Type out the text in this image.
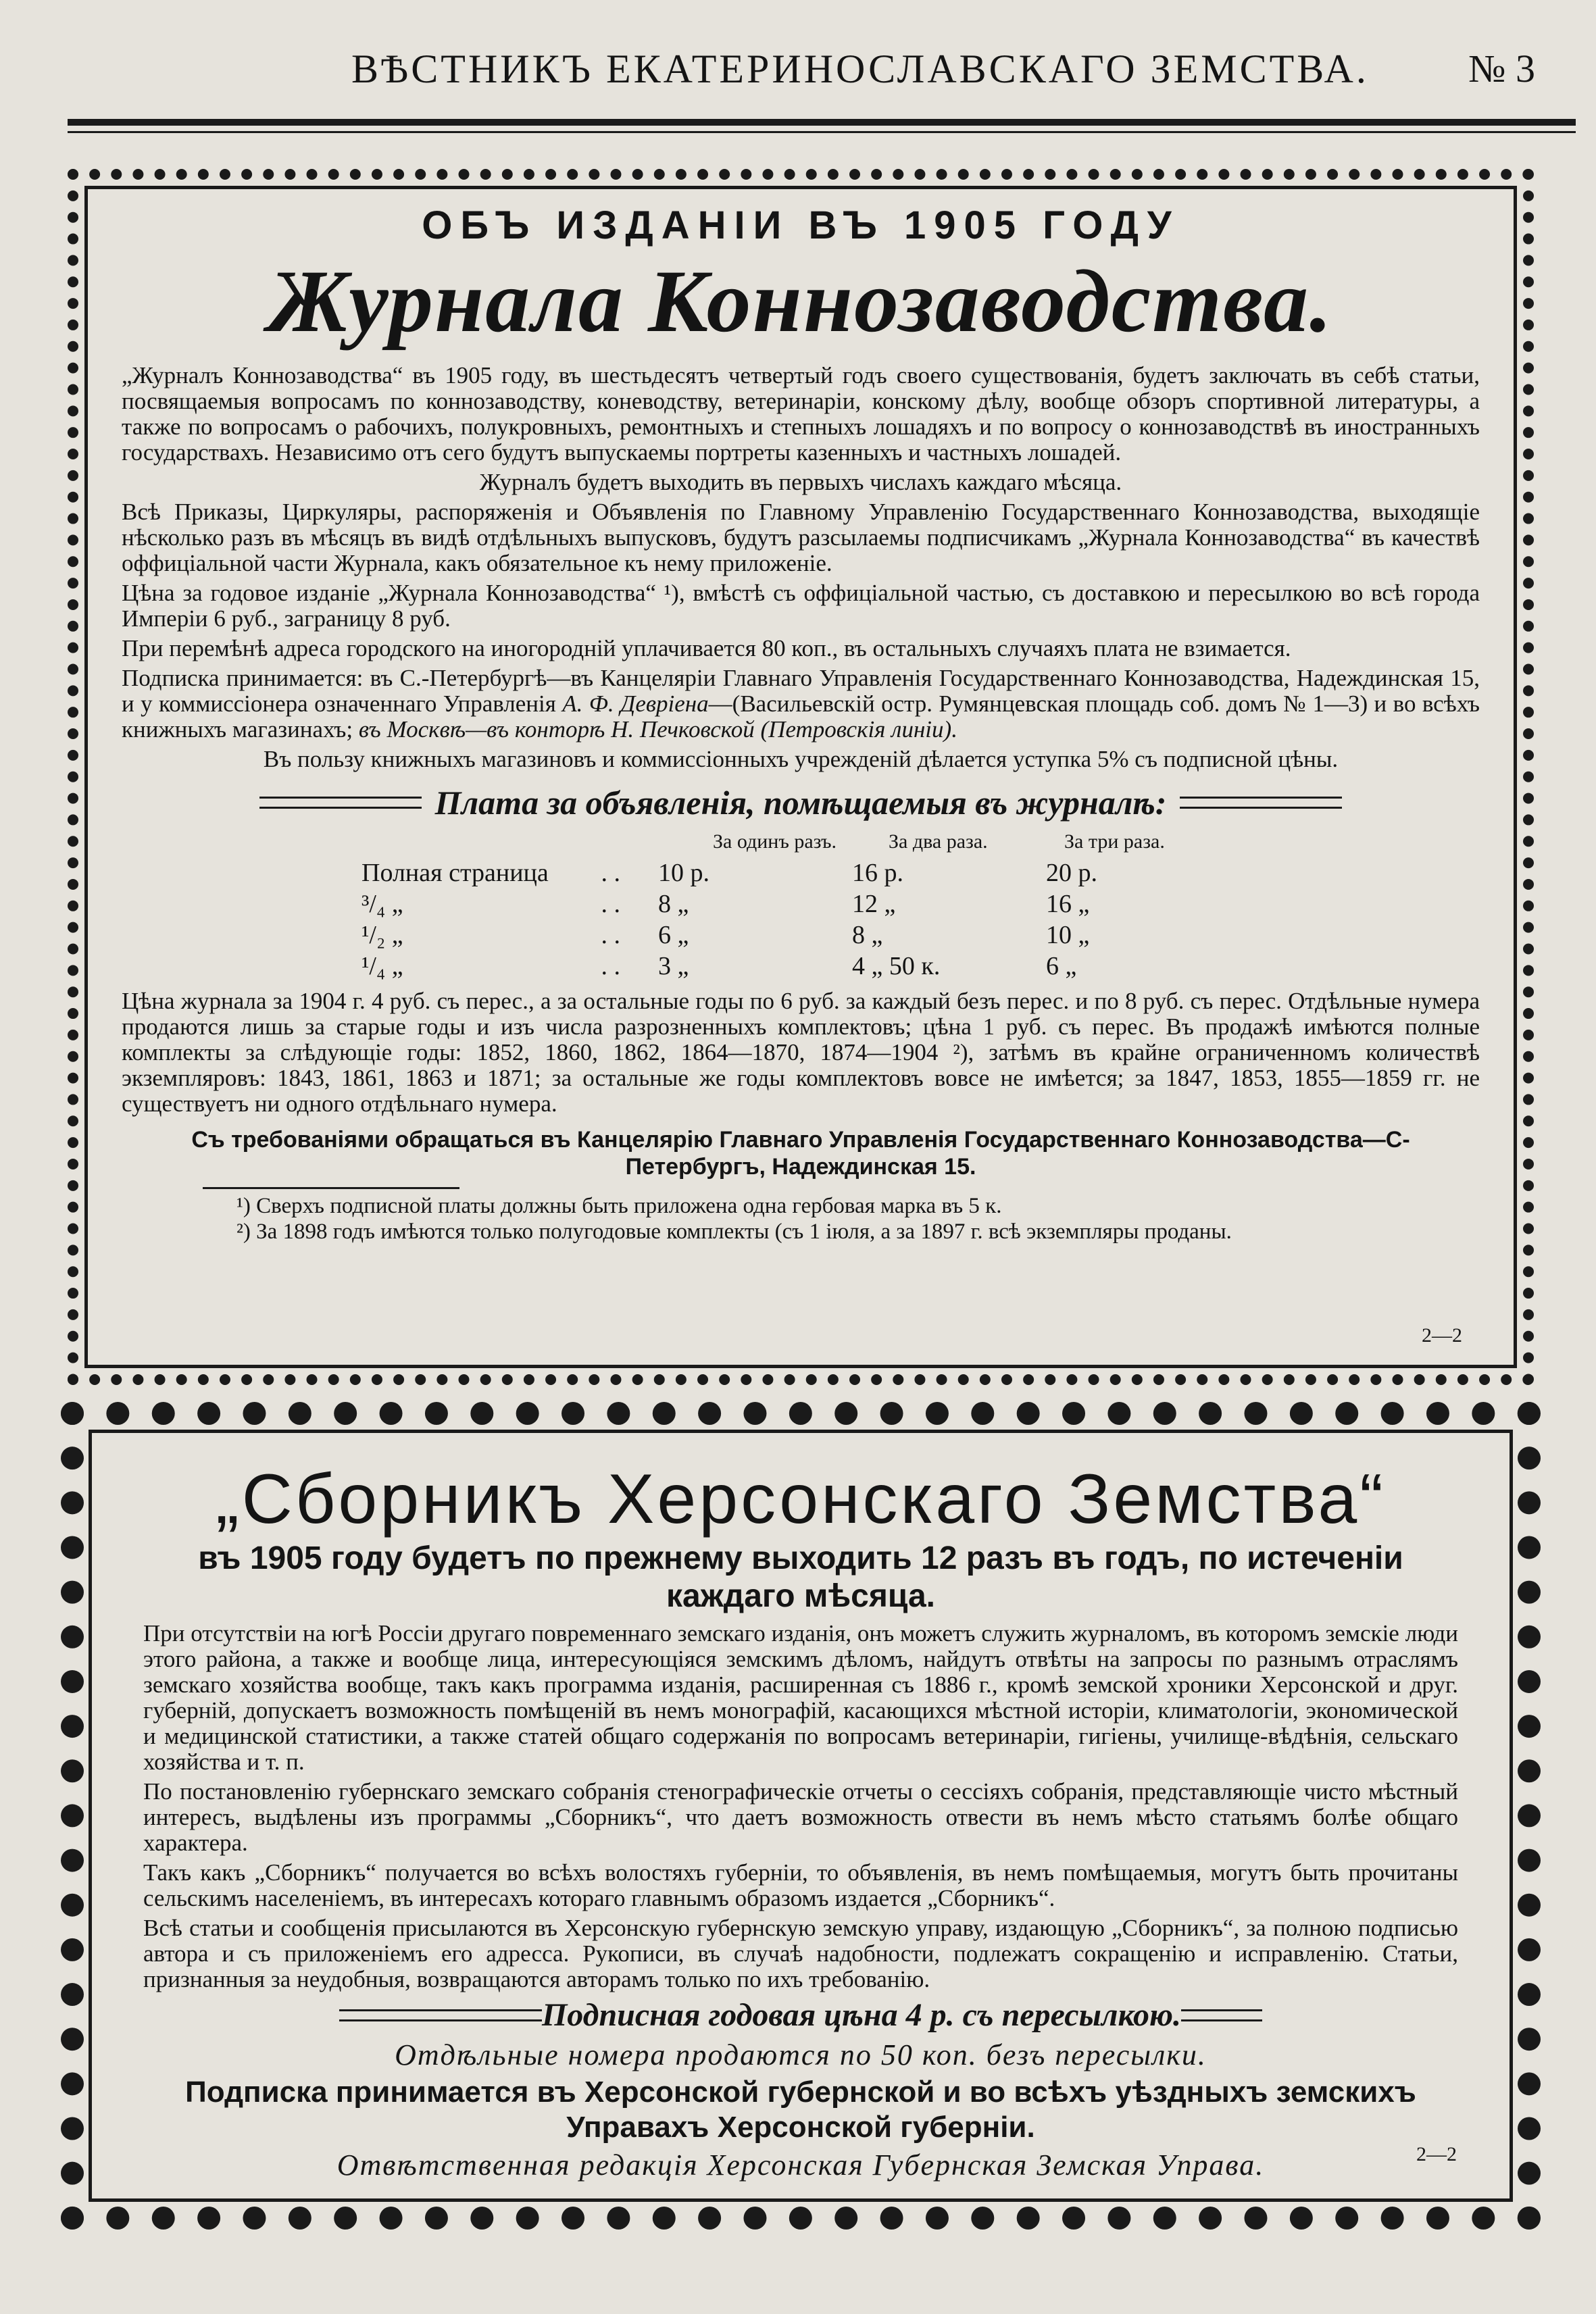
ВѢСТНИКЪ ЕКАТЕРИНОСЛАВСКАГО ЗЕМСТВА.	№ 3
ОБЪ ИЗДАНІИ ВЪ 1905 ГОДУ
Журнала Коннозаводства.

„Журналъ Коннозаводства“ въ 1905 году, въ шестьдесятъ четвертый годъ своего существованія, будетъ заключать въ себѣ статьи, посвящаемыя вопросамъ по коннозаводству, коневодству, ветеринаріи, конскому дѣлу, вообще обзоръ спортивной литературы, а также по вопросамъ о рабочихъ, полукровныхъ, ремонтныхъ и степныхъ лошадяхъ и по вопросу о коннозаводствѣ въ иностранныхъ государствахъ. Независимо отъ сего будутъ выпускаемы портреты казенныхъ и частныхъ лошадей.

Журналъ будетъ выходить въ первыхъ числахъ каждаго мѣсяца.

Всѣ Приказы, Циркуляры, распоряженія и Объявленія по Главному Управленію Государственнаго Коннозаводства, выходящіе нѣсколько разъ въ мѣсяцъ въ видѣ отдѣльныхъ выпусковъ, будутъ разсылаемы подписчикамъ „Журнала Коннозаводства“ въ качествѣ оффиціальной части Журнала, какъ обязательное къ нему приложеніе.

Цѣна за годовое изданіе „Журнала Коннозаводства“ ¹), вмѣстѣ съ оффиціальной частью, съ доставкою и пересылкою во всѣ города Имперіи 6 руб., заграницу 8 руб.

При перемѣнѣ адреса городского на иногородній уплачивается 80 коп., въ остальныхъ случаяхъ плата не взимается.

Подписка принимается: въ С.-Петербургѣ—въ Канцеляріи Главнаго Управленія Государственнаго Коннозаводства, Надеждинская 15, и у коммиссіонера означеннаго Управленія А. Ф. Девріена—(Васильевскій остр. Румянцевская площадь соб. домъ № 1—3) и во всѣхъ книжныхъ магазинахъ; въ Москвѣ—въ конторѣ Н. Печковской (Петровскія линіи).

Въ пользу книжныхъ магазиновъ и коммиссіонныхъ учрежденій дѣлается уступка 5% съ подписной цѣны.

Плата за объявленія, помѣщаемыя въ журналѣ:
За одинъ разъ.	За два раза.	За три раза.
Полная страница	. .	10 р.	16 р.	20 р.
³/₄ „	. .	8 „	12 „	16 „
¹/₂ „	. .	6 „	8 „	10 „
¹/₄ „	. .	3 „	4 „ 50 к.	6 „

Цѣна журнала за 1904 г. 4 руб. съ перес., а за остальные годы по 6 руб. за каждый безъ перес. и по 8 руб. съ перес. Отдѣльные нумера продаются лишь за старые годы и изъ числа разрозненныхъ комплектовъ; цѣна 1 руб. съ перес. Въ продажѣ имѣются полные комплекты за слѣдующіе годы: 1852, 1860, 1862, 1864—1870, 1874—1904 ²), затѣмъ въ крайне ограниченномъ количествѣ экземпляровъ: 1843, 1861, 1863 и 1871; за остальные же годы комплектовъ вовсе не имѣется; за 1847, 1853, 1855—1859 гг. не существуетъ ни одного отдѣльнаго нумера.

Съ требованіями обращаться въ Канцелярію Главнаго Управленія Государственнаго Коннозаводства—С-Петербургъ, Надеждинская 15.
¹) Сверхъ подписной платы должны быть приложена одна гербовая марка въ 5 к.
²) За 1898 годъ имѣются только полугодовые комплекты (съ 1 іюля, а за 1897 г. всѣ экземпляры проданы.
2—2
„Сборникъ Херсонскаго Земства“
въ 1905 году будетъ по прежнему выходить 12 разъ въ годъ, по истеченіи каждаго мѣсяца.

При отсутствіи на югѣ Россіи другаго повременнаго земскаго изданія, онъ можетъ служить журналомъ, въ которомъ земскіе люди этого района, а также и вообще лица, интересующіяся земскимъ дѣломъ, найдутъ отвѣты на запросы по разнымъ отраслямъ земскаго хозяйства вообще, такъ какъ программа изданія, расширенная съ 1886 г., кромѣ земской хроники Херсонской и друг. губерній, допускаетъ возможность помѣщеній въ немъ монографій, касающихся мѣстной исторіи, климатологіи, экономической и медицинской статистики, а также статей общаго содержанія по вопросамъ ветеринаріи, гигіены, училище-вѣдѣнія, сельскаго хозяйства и т. п.

По постановленію губернскаго земскаго собранія стенографическіе отчеты о сессіяхъ собранія, представляющіе чисто мѣстный интересъ, выдѣлены изъ программы „Сборникъ“, что даетъ возможность отвести въ немъ мѣсто статьямъ болѣе общаго характера.

Такъ какъ „Сборникъ“ получается во всѣхъ волостяхъ губерніи, то объявленія, въ немъ помѣщаемыя, могутъ быть прочитаны сельскимъ населеніемъ, въ интересахъ котораго главнымъ образомъ издается „Сборникъ“.

Всѣ статьи и сообщенія присылаются въ Херсонскую губернскую земскую управу, издающую „Сборникъ“, за полною подписью автора и съ приложеніемъ его адресса. Рукописи, въ случаѣ надобности, подлежатъ сокращенію и исправленію. Статьи, признанныя за неудобныя, возвращаются авторамъ только по ихъ требованію.

Подписная годовая цѣна 4 р. съ пересылкою.
Отдѣльные номера продаются по 50 коп. безъ пересылки.
Подписка принимается въ Херсонской губернской и во всѣхъ уѣздныхъ земскихъ Управахъ Херсонской губерніи.
Отвѣтственная редакція Херсонская Губернская Земская Управа.	2—2
